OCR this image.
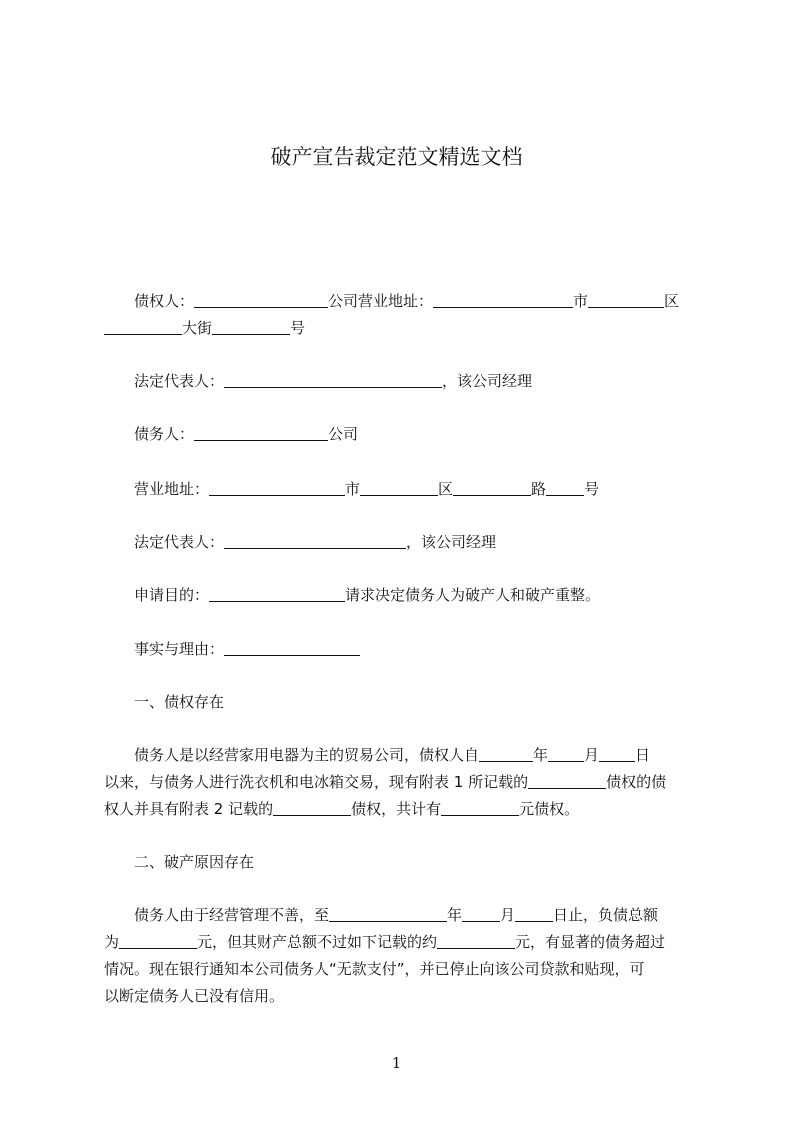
破产宣告裁定范文精选文档
债权人：	公司营业地址：	市	区
大街	号
法定代表人：	，该公司经理
债务人：	公司
营业地址：	市	区	路	号
法定代表人：	，该公司经理
申请目的：	请求决定债务人为破产人和破产重整。
事实与理由：
一、债权存在
债务人是以经营家用电器为主的贸易公司，债权人自	年 月 日
以来，与债务人进行洗衣机和电冰箱交易，现有附表 1 所记载的	债权的债
权人并具有附表 2 记载的	债权，共计有	元债权。
二、破产原因存在
债务人由于经营管理不善，至	年	月	日止，负债总额
为	元，但其财产总额不过如下记载的约	元，有显著的债务超过
情况。现在银行通知本公司债务人“无款支付”，并已停止向该公司贷款和贴现，可
以断定债务人已没有信用。
1
